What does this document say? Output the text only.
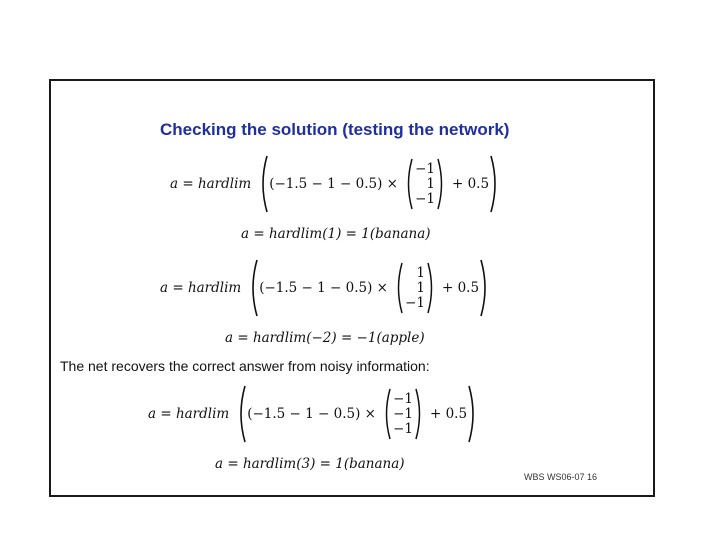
Checking the solution (testing the network)
a = hardlim (−1.5 − 1 − 0.5) ×
−1
1
−1
+ 0.5
a = hardlim(1) = 1(banana)
a = hardlim (−1.5 − 1 − 0.5) ×
1
1
−1
+ 0.5
a = hardlim(−2) = −1(apple)
The net recovers the correct answer from noisy information:
a = hardlim (−1.5 − 1 − 0.5) ×
−1
−1
−1
+ 0.5
a = hardlim(3) = 1(banana)
WBS WS06-07 16
